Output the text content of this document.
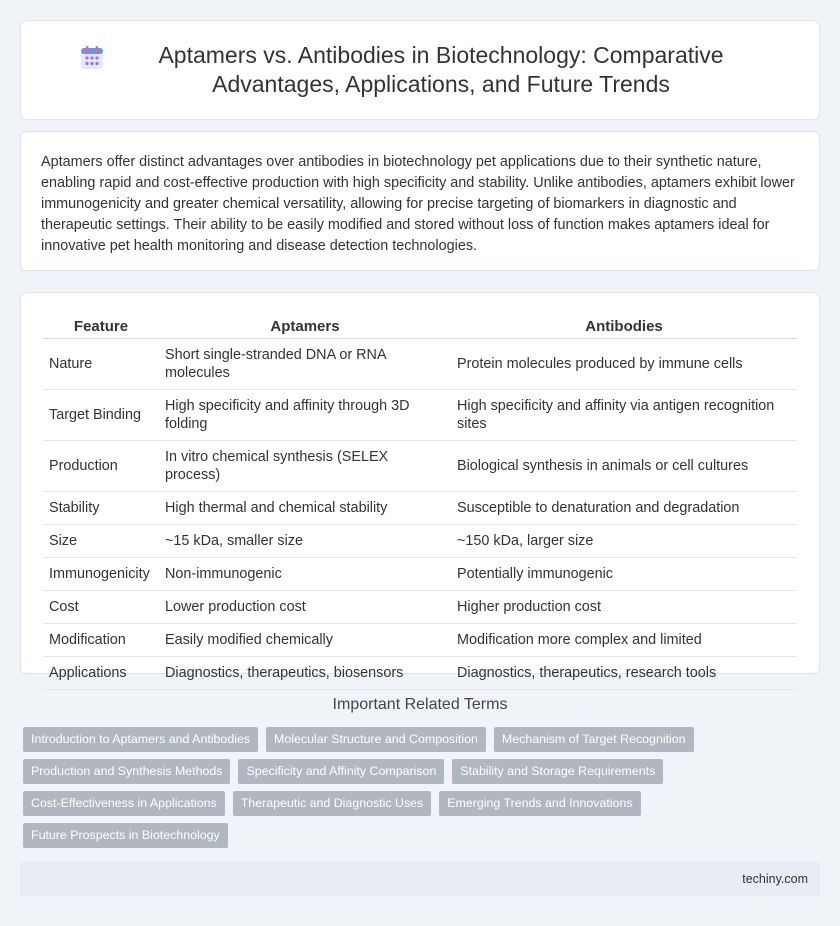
Aptamers vs. Antibodies in Biotechnology: Comparative Advantages, Applications, and Future Trends

Aptamers offer distinct advantages over antibodies in biotechnology pet applications due to their synthetic nature, enabling rapid and cost-effective production with high specificity and stability. Unlike antibodies, aptamers exhibit lower immunogenicity and greater chemical versatility, allowing for precise targeting of biomarkers in diagnostic and therapeutic settings. Their ability to be easily modified and stored without loss of function makes aptamers ideal for innovative pet health monitoring and disease detection technologies.

Feature	Aptamers	Antibodies
Nature	Short single-stranded DNA or RNA molecules	Protein molecules produced by immune cells
Target Binding	High specificity and affinity through 3D folding	High specificity and affinity via antigen recognition sites
Production	In vitro chemical synthesis (SELEX process)	Biological synthesis in animals or cell cultures
Stability	High thermal and chemical stability	Susceptible to denaturation and degradation
Size	~15 kDa, smaller size	~150 kDa, larger size
Immunogenicity	Non-immunogenic	Potentially immunogenic
Cost	Lower production cost	Higher production cost
Modification	Easily modified chemically	Modification more complex and limited
Applications	Diagnostics, therapeutics, biosensors	Diagnostics, therapeutics, research tools
Important Related Terms
Introduction to Aptamers and Antibodies	Molecular Structure and Composition	Mechanism of Target Recognition
Production and Synthesis Methods	Specificity and Affinity Comparison	Stability and Storage Requirements
Cost-Effectiveness in Applications	Therapeutic and Diagnostic Uses	Emerging Trends and Innovations
Future Prospects in Biotechnology
techiny.com
